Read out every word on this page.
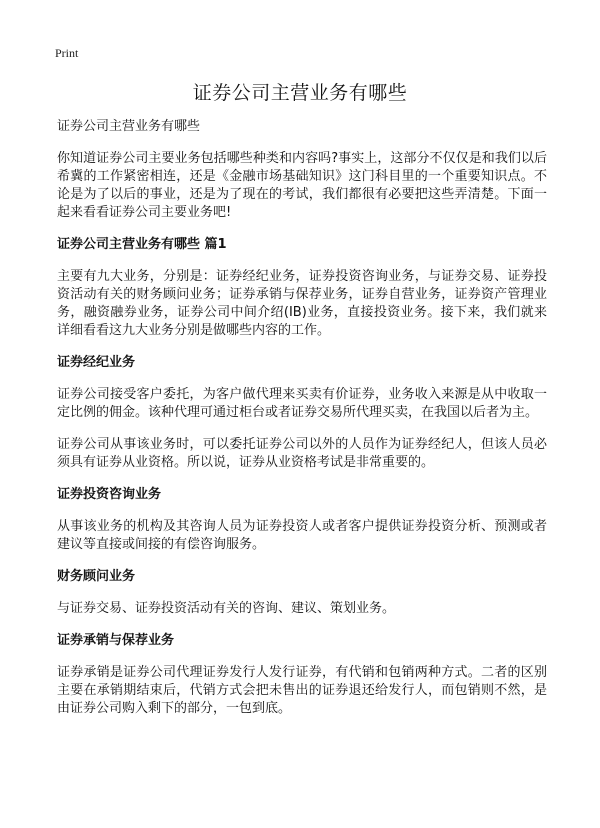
Print
证券公司主营业务有哪些

证券公司主营业务有哪些

你知道证券公司主要业务包括哪些种类和内容吗?事实上，这部分不仅仅是和我们以后希冀的工作紧密相连，还是《金融市场基础知识》这门科目里的一个重要知识点。不论是为了以后的事业，还是为了现在的考试，我们都很有必要把这些弄清楚。下面一起来看看证券公司主要业务吧!

证券公司主营业务有哪些 篇1

主要有九大业务，分别是：证券经纪业务，证券投资咨询业务，与证券交易、证券投资活动有关的财务顾问业务；证券承销与保荐业务，证券自营业务，证券资产管理业务，融资融券业务，证券公司中间介绍(IB)业务，直接投资业务。接下来，我们就来详细看看这九大业务分别是做哪些内容的工作。

证券经纪业务

证券公司接受客户委托，为客户做代理来买卖有价证券，业务收入来源是从中收取一定比例的佣金。该种代理可通过柜台或者证券交易所代理买卖，在我国以后者为主。

证券公司从事该业务时，可以委托证券公司以外的人员作为证券经纪人，但该人员必须具有证券从业资格。所以说，证券从业资格考试是非常重要的。

证券投资咨询业务

从事该业务的机构及其咨询人员为证券投资人或者客户提供证券投资分析、预测或者建议等直接或间接的有偿咨询服务。

财务顾问业务

与证券交易、证券投资活动有关的咨询、建议、策划业务。

证券承销与保荐业务

证券承销是证券公司代理证券发行人发行证券，有代销和包销两种方式。二者的区别主要在承销期结束后，代销方式会把未售出的证券退还给发行人，而包销则不然，是由证券公司购入剩下的部分，一包到底。
